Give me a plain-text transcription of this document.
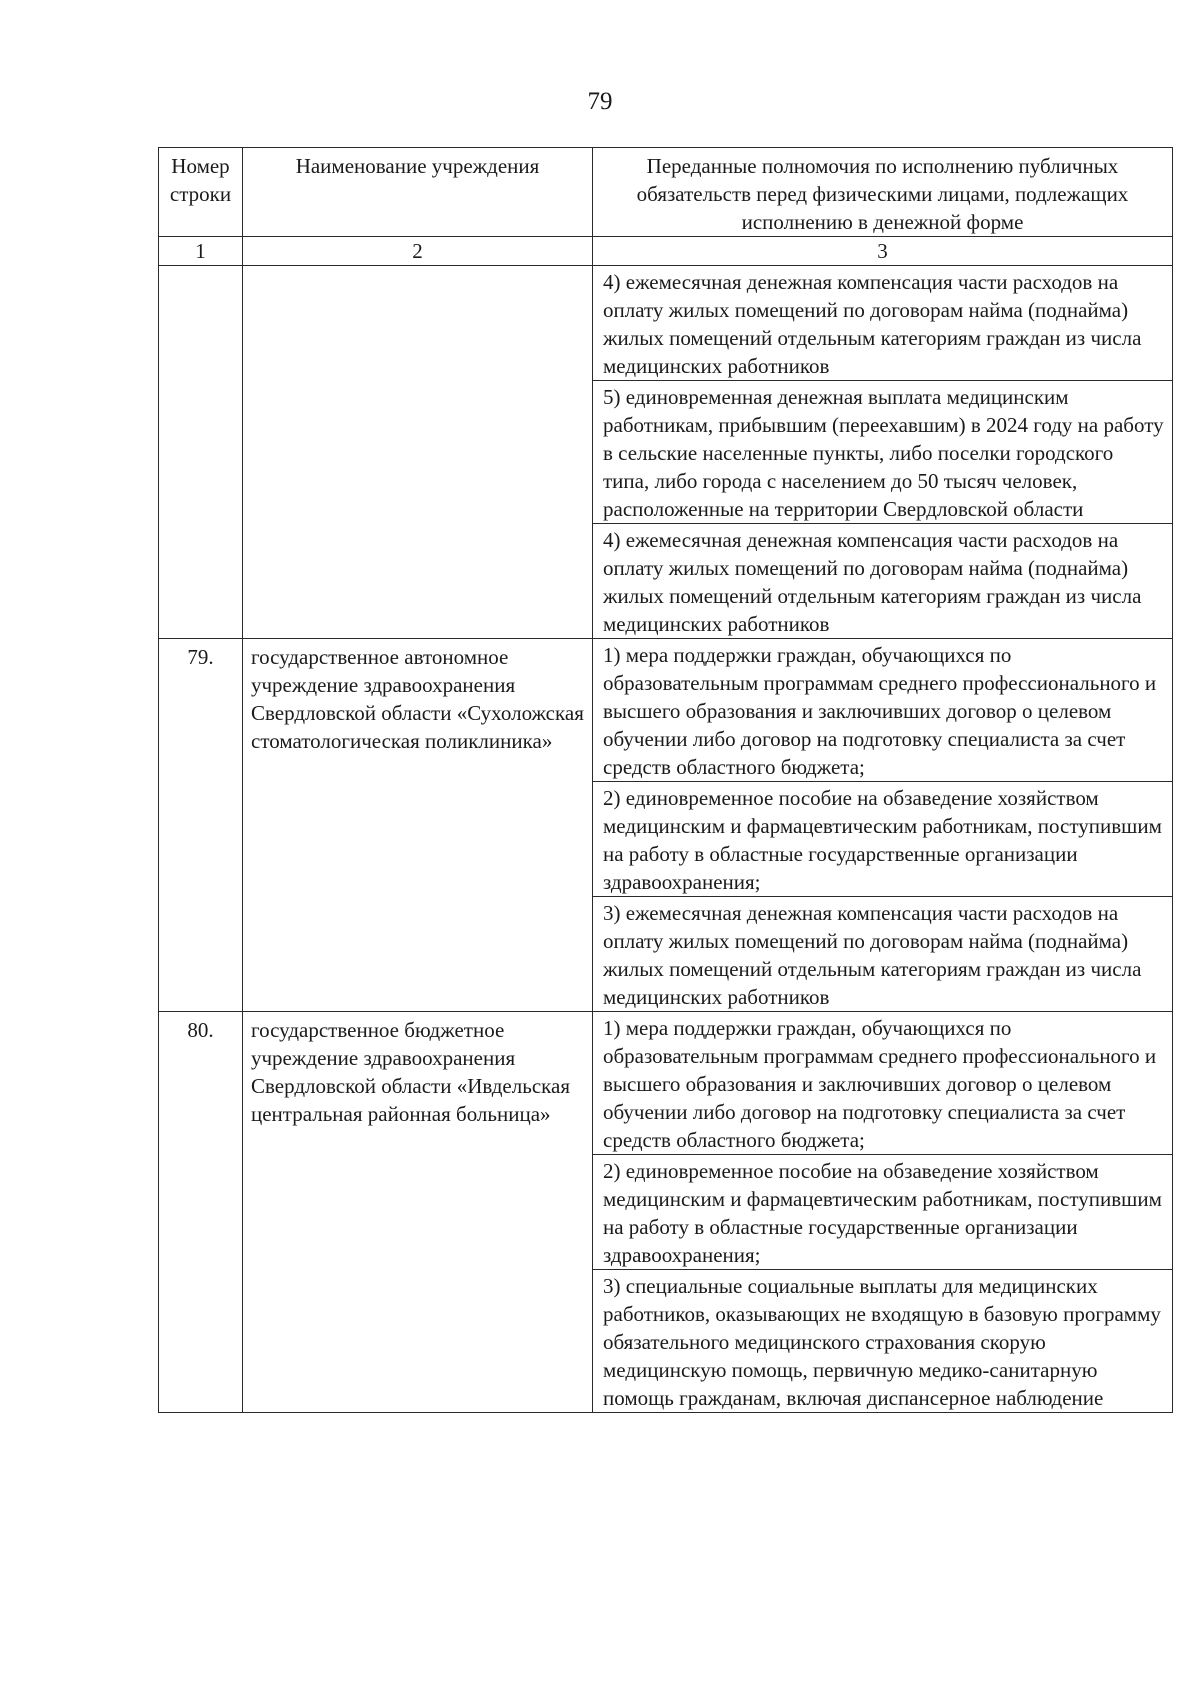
79
Номер строки	Наименование учреждения	Переданные полномочия по исполнению публичных обязательств перед физическими лицами, подлежащих исполнению в денежной форме
1	2	3
		4) ежемесячная денежная компенсация части расходов на оплату жилых помещений по договорам найма (поднайма) жилых помещений отдельным категориям граждан из числа медицинских работников
		5) единовременная денежная выплата медицинским работникам, прибывшим (переехавшим) в 2024 году на работу в сельские населенные пункты, либо поселки городского типа, либо города с населением до 50 тысяч человек, расположенные на территории Свердловской области
		4) ежемесячная денежная компенсация части расходов на оплату жилых помещений по договорам найма (поднайма) жилых помещений отдельным категориям граждан из числа медицинских работников
79.	государственное автономное учреждение здравоохранения Свердловской области «Сухоложская стоматологическая поликлиника»	1) мера поддержки граждан, обучающихся по образовательным программам среднего профессионального и высшего образования и заключивших договор о целевом обучении либо договор на подготовку специалиста за счет средств областного бюджета;
		2) единовременное пособие на обзаведение хозяйством медицинским и фармацевтическим работникам, поступившим на работу в областные государственные организации здравоохранения;
		3) ежемесячная денежная компенсация части расходов на оплату жилых помещений по договорам найма (поднайма) жилых помещений отдельным категориям граждан из числа медицинских работников
80.	государственное бюджетное учреждение здравоохранения Свердловской области «Ивдельская центральная районная больница»	1) мера поддержки граждан, обучающихся по образовательным программам среднего профессионального и высшего образования и заключивших договор о целевом обучении либо договор на подготовку специалиста за счет средств областного бюджета;
		2) единовременное пособие на обзаведение хозяйством медицинским и фармацевтическим работникам, поступившим на работу в областные государственные организации здравоохранения;
		3) специальные социальные выплаты для медицинских работников, оказывающих не входящую в базовую программу обязательного медицинского страхования скорую медицинскую помощь, первичную медико-санитарную помощь гражданам, включая диспансерное наблюдение
